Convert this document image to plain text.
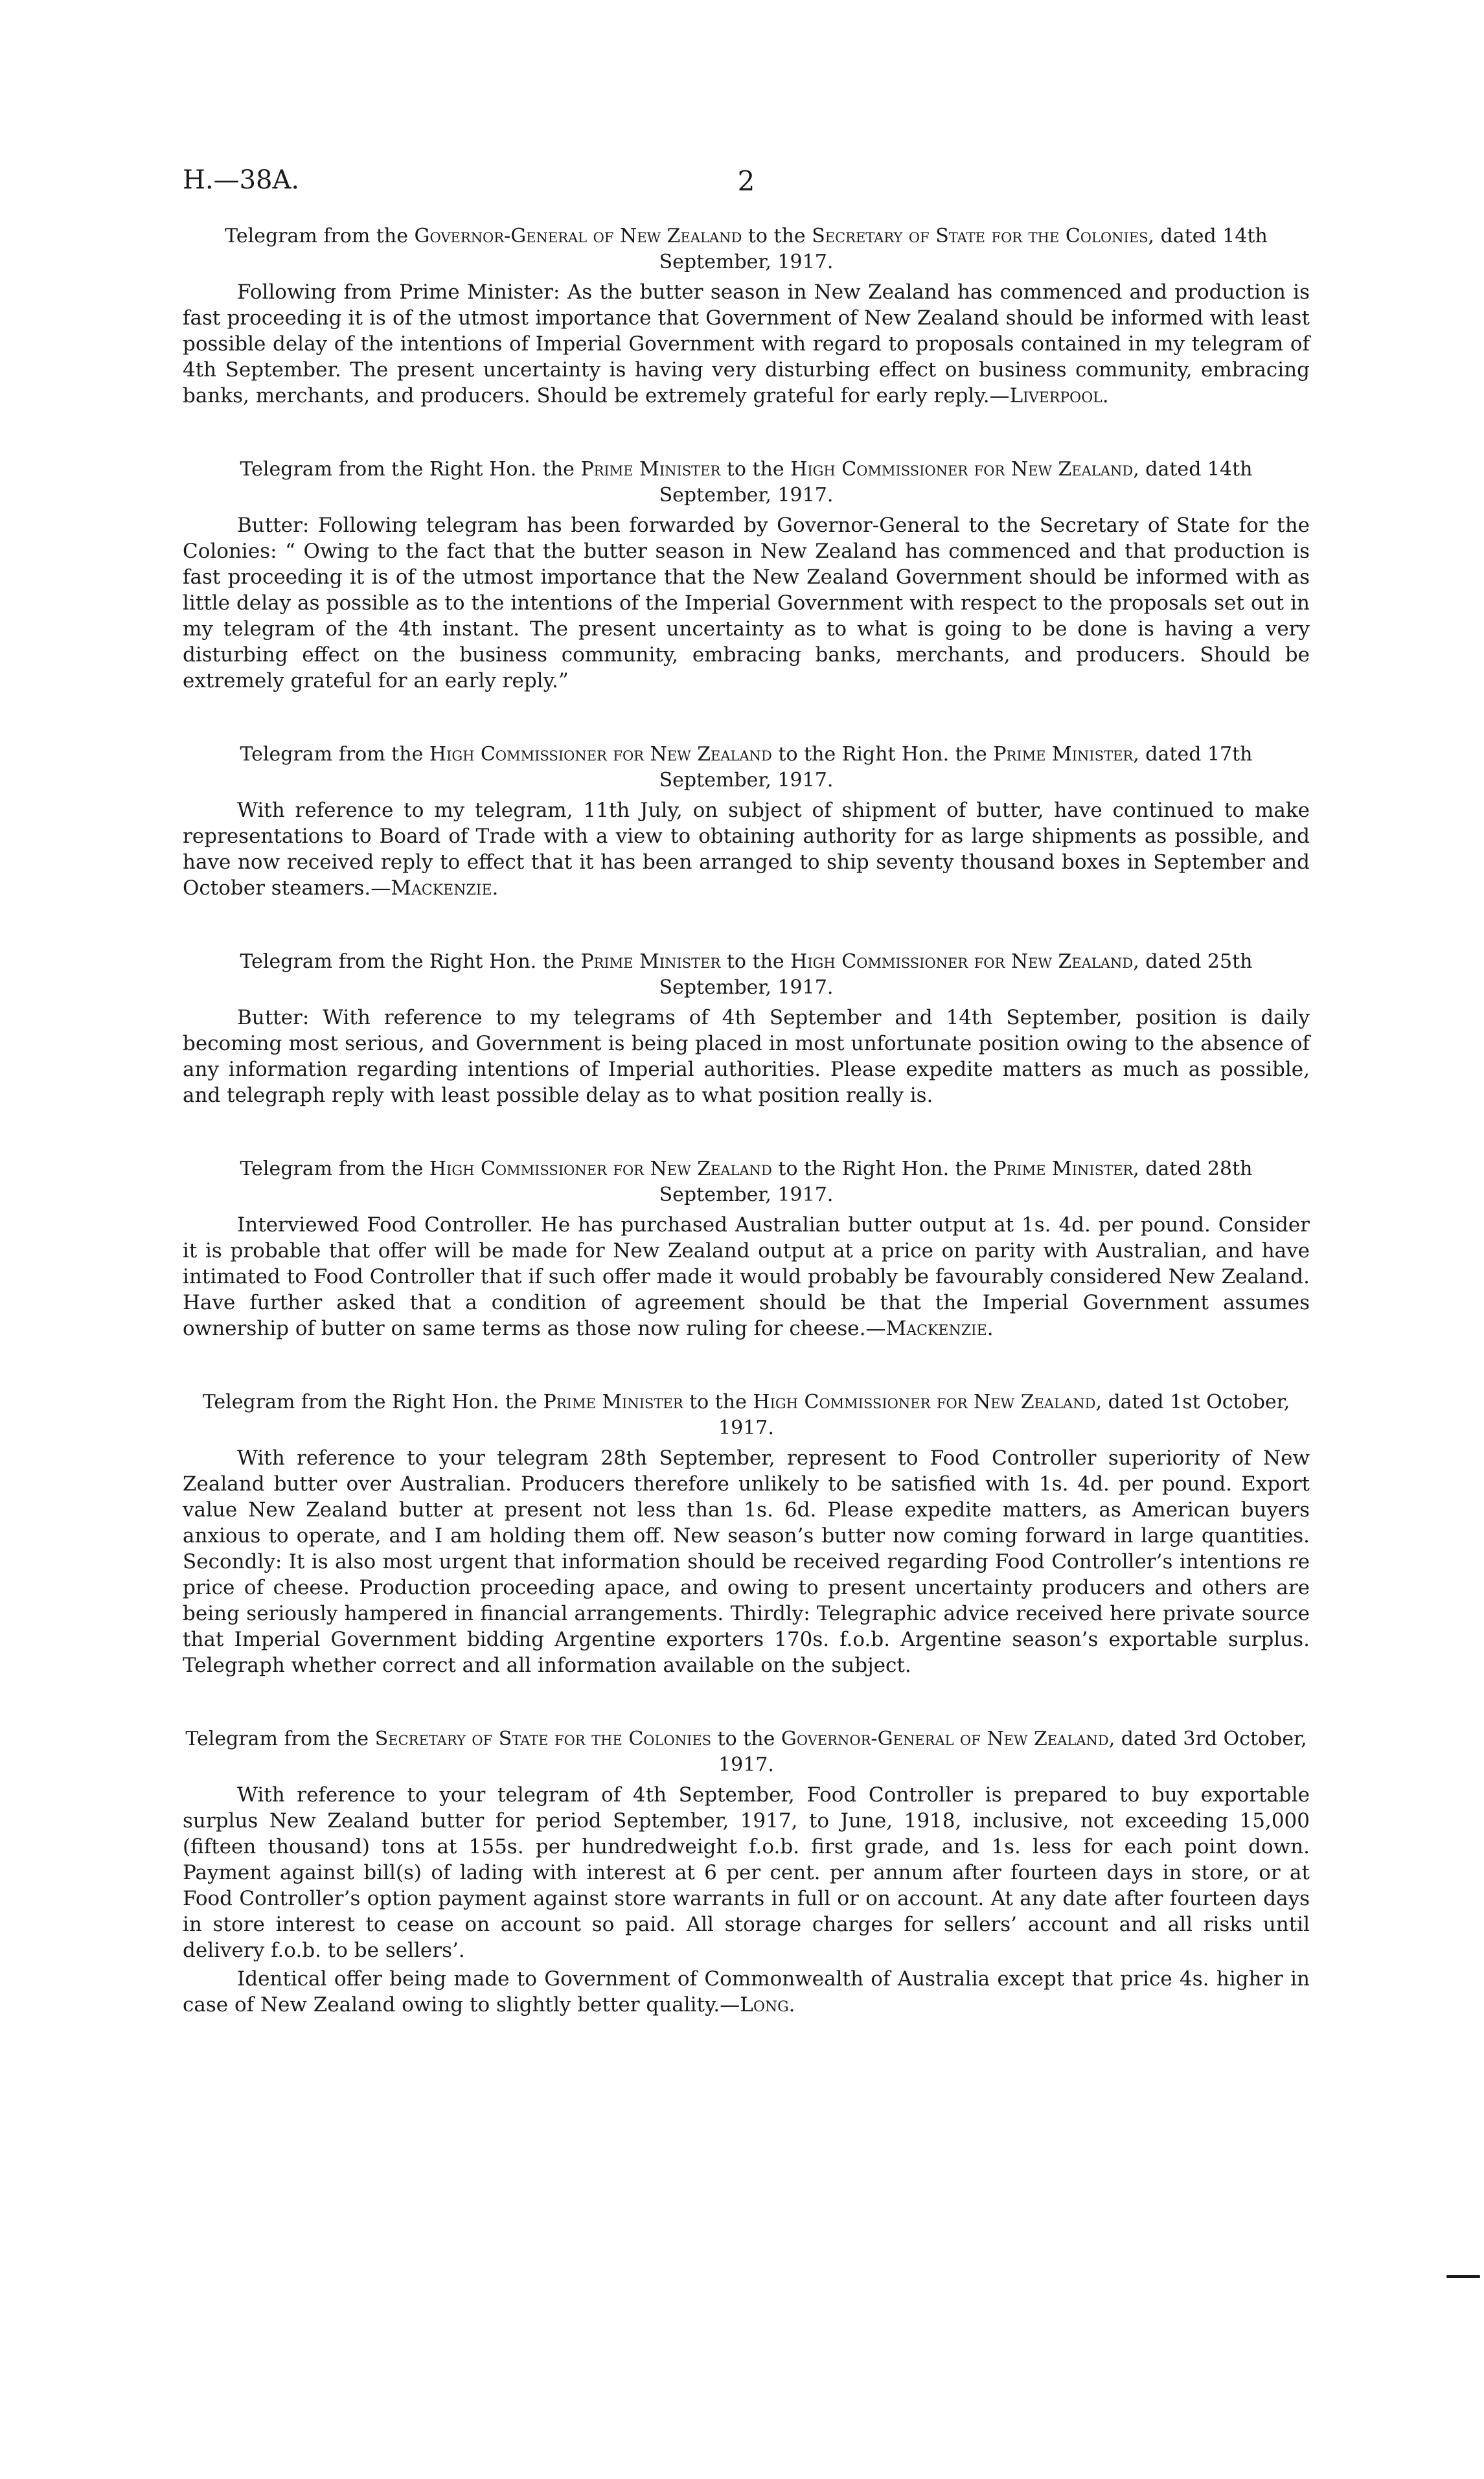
H.—38A.	2

Telegram from the Governor-General of New Zealand to the Secretary of State for the Colonies, dated 14th September, 1917.

Following from Prime Minister: As the butter season in New Zealand has commenced and production is fast proceeding it is of the utmost importance that Government of New Zealand should be informed with least possible delay of the intentions of Imperial Government with regard to proposals contained in my telegram of 4th September. The present uncertainty is having very disturbing effect on business community, embracing banks, merchants, and producers. Should be extremely grateful for early reply.—Liverpool.

Telegram from the Right Hon. the Prime Minister to the High Commissioner for New Zealand, dated 14th September, 1917.

Butter: Following telegram has been forwarded by Governor-General to the Secretary of State for the Colonies: “ Owing to the fact that the butter season in New Zealand has commenced and that production is fast proceeding it is of the utmost importance that the New Zealand Government should be informed with as little delay as possible as to the intentions of the Imperial Government with respect to the proposals set out in my telegram of the 4th instant. The present uncertainty as to what is going to be done is having a very disturbing effect on the business community, embracing banks, merchants, and producers. Should be extremely grateful for an early reply.”

Telegram from the High Commissioner for New Zealand to the Right Hon. the Prime Minister, dated 17th September, 1917.

With reference to my telegram, 11th July, on subject of shipment of butter, have continued to make representations to Board of Trade with a view to obtaining authority for as large shipments as possible, and have now received reply to effect that it has been arranged to ship seventy thousand boxes in September and October steamers.—Mackenzie.

Telegram from the Right Hon. the Prime Minister to the High Commissioner for New Zealand, dated 25th September, 1917.

Butter: With reference to my telegrams of 4th September and 14th September, position is daily becoming most serious, and Government is being placed in most unfortunate position owing to the absence of any information regarding intentions of Imperial authorities. Please expedite matters as much as possible, and telegraph reply with least possible delay as to what position really is.

Telegram from the High Commissioner for New Zealand to the Right Hon. the Prime Minister, dated 28th September, 1917.

Interviewed Food Controller. He has purchased Australian butter output at 1s. 4d. per pound. Consider it is probable that offer will be made for New Zealand output at a price on parity with Australian, and have intimated to Food Controller that if such offer made it would probably be favourably considered New Zealand. Have further asked that a condition of agreement should be that the Imperial Government assumes ownership of butter on same terms as those now ruling for cheese.—Mackenzie.

Telegram from the Right Hon. the Prime Minister to the High Commissioner for New Zealand, dated 1st October, 1917.

With reference to your telegram 28th September, represent to Food Controller superiority of New Zealand butter over Australian. Producers therefore unlikely to be satisfied with 1s. 4d. per pound. Export value New Zealand butter at present not less than 1s. 6d. Please expedite matters, as American buyers anxious to operate, and I am holding them off. New season’s butter now coming forward in large quantities. Secondly: It is also most urgent that information should be received regarding Food Controller’s intentions re price of cheese. Production proceeding apace, and owing to present uncertainty producers and others are being seriously hampered in financial arrangements. Thirdly: Telegraphic advice received here private source that Imperial Government bidding Argentine exporters 170s. f.o.b. Argentine season’s exportable surplus. Telegraph whether correct and all information available on the subject.

Telegram from the Secretary of State for the Colonies to the Governor-General of New Zealand, dated 3rd October, 1917.

With reference to your telegram of 4th September, Food Controller is prepared to buy exportable surplus New Zealand butter for period September, 1917, to June, 1918, inclusive, not exceeding 15,000 (fifteen thousand) tons at 155s. per hundredweight f.o.b. first grade, and 1s. less for each point down. Payment against bill(s) of lading with interest at 6 per cent. per annum after fourteen days in store, or at Food Controller’s option payment against store warrants in full or on account. At any date after fourteen days in store interest to cease on account so paid. All storage charges for sellers’ account and all risks until delivery f.o.b. to be sellers’.

Identical offer being made to Government of Commonwealth of Australia except that price 4s. higher in case of New Zealand owing to slightly better quality.—Long.
